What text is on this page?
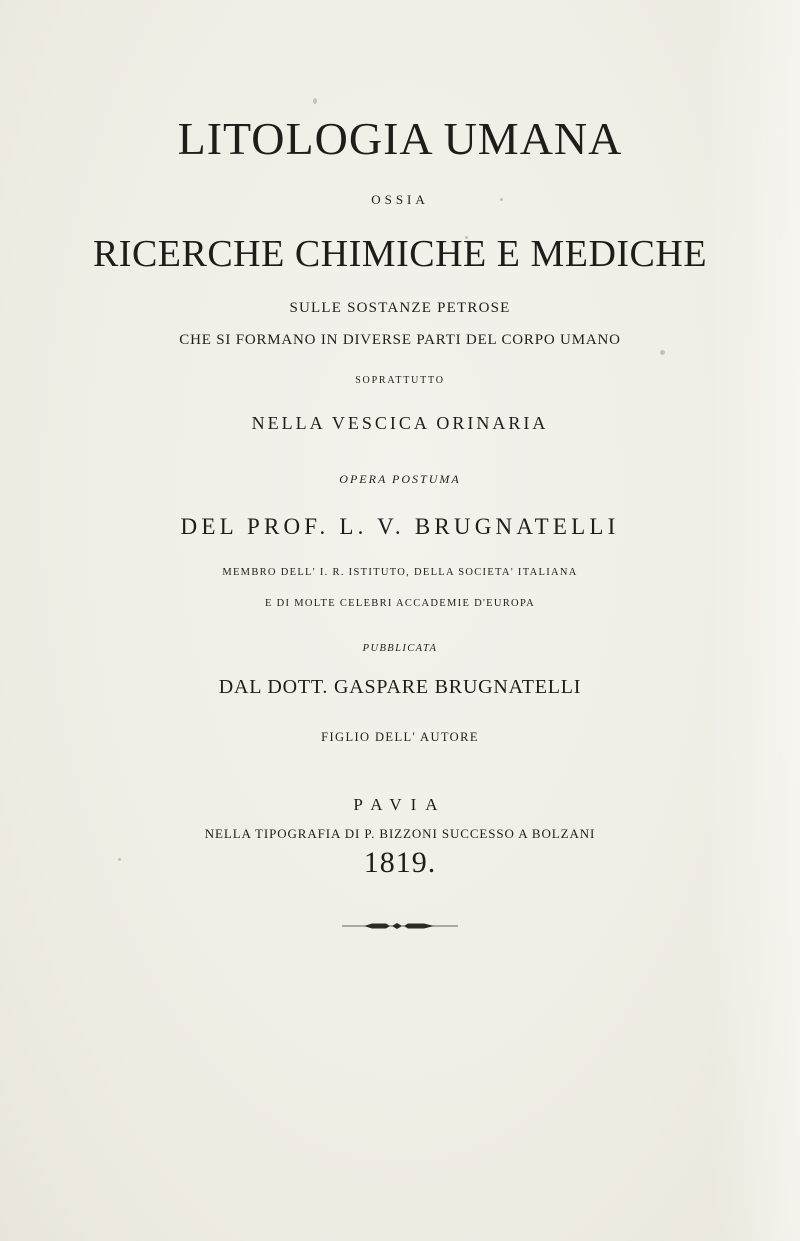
LITOLOGIA UMANA
OSSIA
RICERCHE CHIMICHE E MEDICHE
SULLE SOSTANZE PETROSE
CHE SI FORMANO IN DIVERSE PARTI DEL CORPO UMANO
SOPRATTUTTO
NELLA VESCICA ORINARIA
OPERA POSTUMA
DEL PROF. L. V. BRUGNATELLI
MEMBRO DELL' I. R. ISTITUTO, DELLA SOCIETA' ITALIANA
E DI MOLTE CELEBRI ACCADEMIE D'EUROPA
PUBBLICATA
DAL DOTT. GASPARE BRUGNATELLI
FIGLIO DELL' AUTORE
PAVIA
NELLA TIPOGRAFIA DI P. BIZZONI SUCCESSO A BOLZANI
1819.
